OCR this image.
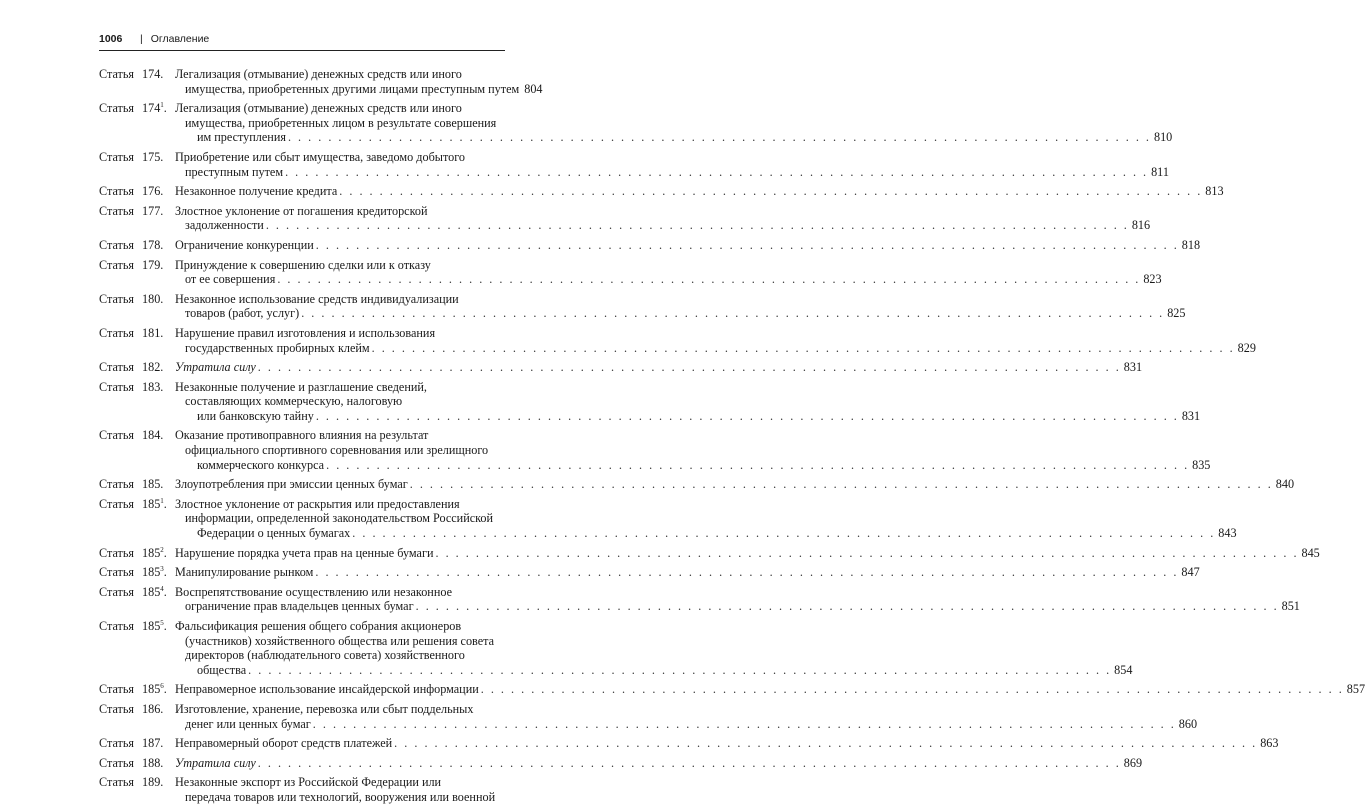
1006	| Оглавление
Статья 174. Легализация (отмывание) денежных средств или иного
имущества, приобретенных другими лицами преступным путем 804
Статья $174^1$. Легализация (отмывание) денежных средств или иного
имущества, приобретенных лицом в результате совершения
им преступления . . . . . . . . . . . . . . . . . . . . . . . . . . . . . . . . . . . . . . . . . . . . . . . . . . . . . . . . . . . . . . . . . . . . . . . . . . . . . . . . . . . . . . 810
Статья 175. Приобретение или сбыт имущества, заведомо добытого
преступным путем . . . . . . . . . . . . . . . . . . . . . . . . . . . . . . . . . . . . . . . . . . . . . . . . . . . . . . . . . . . . . . . . . . . . . . . . . . . . . . . . . . . . . . 811
Статья 176. Незаконное получение кредита . . . . . . . . . . . . . . . . . . . . . . . . . . . . . . . . . . . . . . . . . . . . . . . . . . . . . . . . . . . . . . . . . . . . . . . . . . . . . . . . . . . . . . 813
Статья 177. Злостное уклонение от погашения кредиторской
задолженности . . . . . . . . . . . . . . . . . . . . . . . . . . . . . . . . . . . . . . . . . . . . . . . . . . . . . . . . . . . . . . . . . . . . . . . . . . . . . . . . . . . . . . 816
Статья 178. Ограничение конкуренции . . . . . . . . . . . . . . . . . . . . . . . . . . . . . . . . . . . . . . . . . . . . . . . . . . . . . . . . . . . . . . . . . . . . . . . . . . . . . . . . . . . . . . 818
Статья 179. Принуждение к совершению сделки или к отказу
от ее совершения . . . . . . . . . . . . . . . . . . . . . . . . . . . . . . . . . . . . . . . . . . . . . . . . . . . . . . . . . . . . . . . . . . . . . . . . . . . . . . . . . . . . . . 823
Статья 180. Незаконное использование средств индивидуализации
товаров (работ, услуг) . . . . . . . . . . . . . . . . . . . . . . . . . . . . . . . . . . . . . . . . . . . . . . . . . . . . . . . . . . . . . . . . . . . . . . . . . . . . . . . . . . . . . . 825
Статья 181. Нарушение правил изготовления и использования
государственных пробирных клейм . . . . . . . . . . . . . . . . . . . . . . . . . . . . . . . . . . . . . . . . . . . . . . . . . . . . . . . . . . . . . . . . . . . . . . . . . . . . . . . . . . . . . . 829
Статья 182. Утратила силу . . . . . . . . . . . . . . . . . . . . . . . . . . . . . . . . . . . . . . . . . . . . . . . . . . . . . . . . . . . . . . . . . . . . . . . . . . . . . . . . . . . . . . 831
Статья 183. Незаконные получение и разглашение сведений,
составляющих коммерческую, налоговую
или банковскую тайну . . . . . . . . . . . . . . . . . . . . . . . . . . . . . . . . . . . . . . . . . . . . . . . . . . . . . . . . . . . . . . . . . . . . . . . . . . . . . . . . . . . . . . 831
Статья 184. Оказание противоправного влияния на результат
официального спортивного соревнования или зрелищного
коммерческого конкурса . . . . . . . . . . . . . . . . . . . . . . . . . . . . . . . . . . . . . . . . . . . . . . . . . . . . . . . . . . . . . . . . . . . . . . . . . . . . . . . . . . . . . . 835
Статья 185. Злоупотребления при эмиссии ценных бумаг . . . . . . . . . . . . . . . . . . . . . . . . . . . . . . . . . . . . . . . . . . . . . . . . . . . . . . . . . . . . . . . . . . . . . . . . . . . . . . . . . . . . . . 840
Статья $185^1$. Злостное уклонение от раскрытия или предоставления
информации, определенной законодательством Российской
Федерации о ценных бумагах . . . . . . . . . . . . . . . . . . . . . . . . . . . . . . . . . . . . . . . . . . . . . . . . . . . . . . . . . . . . . . . . . . . . . . . . . . . . . . . . . . . . . . 843
Статья $185^2$. Нарушение порядка учета прав на ценные бумаги . . . . . . . . . . . . . . . . . . . . . . . . . . . . . . . . . . . . . . . . . . . . . . . . . . . . . . . . . . . . . . . . . . . . . . . . . . . . . . . . . . . . . . 845
Статья $185^3$. Манипулирование рынком . . . . . . . . . . . . . . . . . . . . . . . . . . . . . . . . . . . . . . . . . . . . . . . . . . . . . . . . . . . . . . . . . . . . . . . . . . . . . . . . . . . . . . 847
Статья $185^4$. Воспрепятствование осуществлению или незаконное
ограничение прав владельцев ценных бумаг . . . . . . . . . . . . . . . . . . . . . . . . . . . . . . . . . . . . . . . . . . . . . . . . . . . . . . . . . . . . . . . . . . . . . . . . . . . . . . . . . . . . . . 851
Статья $185^5$. Фальсификация решения общего собрания акционеров
(участников) хозяйственного общества или решения совета
директоров (наблюдательного совета) хозяйственного
общества . . . . . . . . . . . . . . . . . . . . . . . . . . . . . . . . . . . . . . . . . . . . . . . . . . . . . . . . . . . . . . . . . . . . . . . . . . . . . . . . . . . . . . 854
Статья $185^6$. Неправомерное использование инсайдерской информации . . . . . . . . . . . . . . . . . . . . . . . . . . . . . . . . . . . . . . . . . . . . . . . . . . . . . . . . . . . . . . . . . . . . . . . . . . . . . . . . . . . . . . 857
Статья 186. Изготовление, хранение, перевозка или сбыт поддельных
денег или ценных бумаг . . . . . . . . . . . . . . . . . . . . . . . . . . . . . . . . . . . . . . . . . . . . . . . . . . . . . . . . . . . . . . . . . . . . . . . . . . . . . . . . . . . . . . 860
Статья 187. Неправомерный оборот средств платежей . . . . . . . . . . . . . . . . . . . . . . . . . . . . . . . . . . . . . . . . . . . . . . . . . . . . . . . . . . . . . . . . . . . . . . . . . . . . . . . . . . . . . . 863
Статья 188. Утратила силу . . . . . . . . . . . . . . . . . . . . . . . . . . . . . . . . . . . . . . . . . . . . . . . . . . . . . . . . . . . . . . . . . . . . . . . . . . . . . . . . . . . . . . 869
Статья 189. Незаконные экспорт из Российской Федерации или
передача товаров или технологий, вооружения или военной
